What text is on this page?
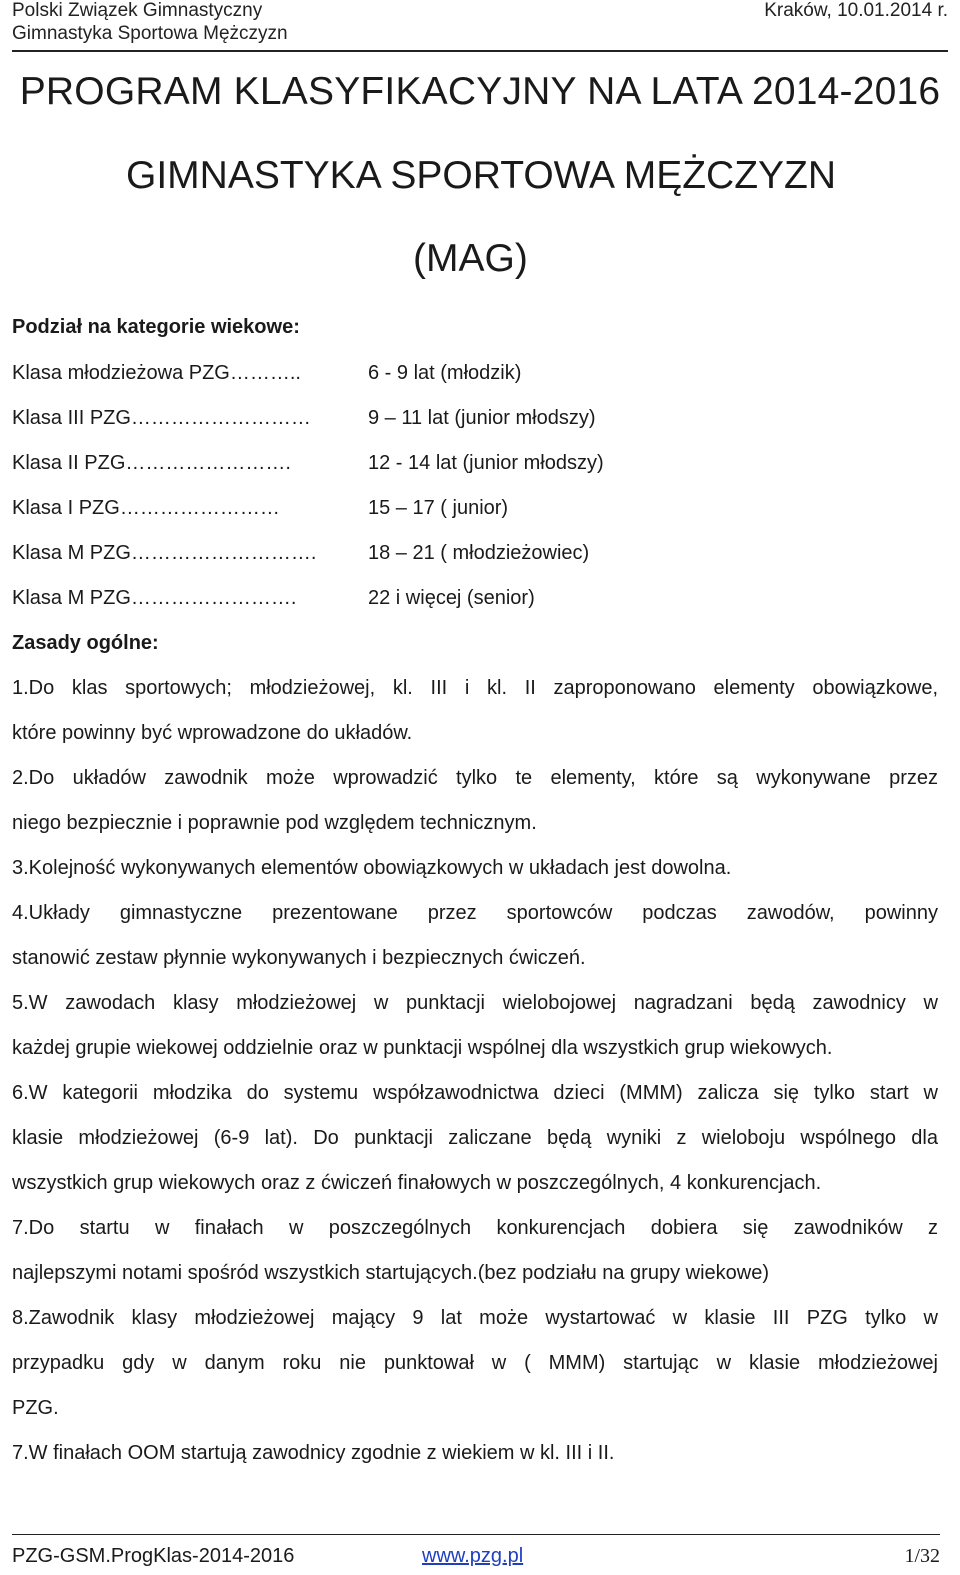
Polski Związek Gimnastyczny
Gimnastyka Sportowa Mężczyzn
Kraków, 10.01.2014 r.
PROGRAM KLASYFIKACYJNY NA LATA 2014-2016
GIMNASTYKA SPORTOWA MĘŻCZYZN
(MAG)
Podział na kategorie wiekowe:
Klasa młodzieżowa PZG………..	6 - 9 lat (młodzik)
Klasa III PZG………………………	9 – 11 lat (junior młodszy)
Klasa II PZG…………………….	12 - 14 lat (junior młodszy)
Klasa I PZG……………………	15 – 17 ( junior)
Klasa M PZG……………………….	18 – 21 ( młodzieżowiec)
Klasa M PZG…………………….	22 i więcej (senior)
Zasady ogólne:
1.Do klas sportowych; młodzieżowej, kl. III i kl. II zaproponowano elementy obowiązkowe,
które powinny być wprowadzone do układów.
2.Do układów zawodnik może wprowadzić tylko te elementy, które są wykonywane przez
niego bezpiecznie i poprawnie pod względem technicznym.
3.Kolejność wykonywanych elementów obowiązkowych w układach jest dowolna.
4.Układy gimnastyczne prezentowane przez sportowców podczas zawodów, powinny
stanowić zestaw płynnie wykonywanych i bezpiecznych ćwiczeń.
5.W zawodach klasy młodzieżowej w punktacji wielobojowej nagradzani będą zawodnicy w
każdej grupie wiekowej oddzielnie oraz w punktacji wspólnej dla wszystkich grup wiekowych.
6.W kategorii młodzika do systemu współzawodnictwa dzieci (MMM) zalicza się tylko start w
klasie młodzieżowej (6-9 lat). Do punktacji zaliczane będą wyniki z wieloboju wspólnego dla
wszystkich grup wiekowych oraz z ćwiczeń finałowych w poszczególnych, 4 konkurencjach.
7.Do startu w finałach w poszczególnych konkurencjach dobiera się zawodników z
najlepszymi notami spośród wszystkich startujących.(bez podziału na grupy wiekowe)
8.Zawodnik klasy młodzieżowej mający 9 lat może wystartować w klasie III PZG tylko w
przypadku gdy w danym roku nie punktował w ( MMM) startując w klasie młodzieżowej
PZG.
7.W finałach OOM startują zawodnicy zgodnie z wiekiem w kl. III i II.
PZG-GSM.ProgKlas-2014-2016	www.pzg.pl	1/32
